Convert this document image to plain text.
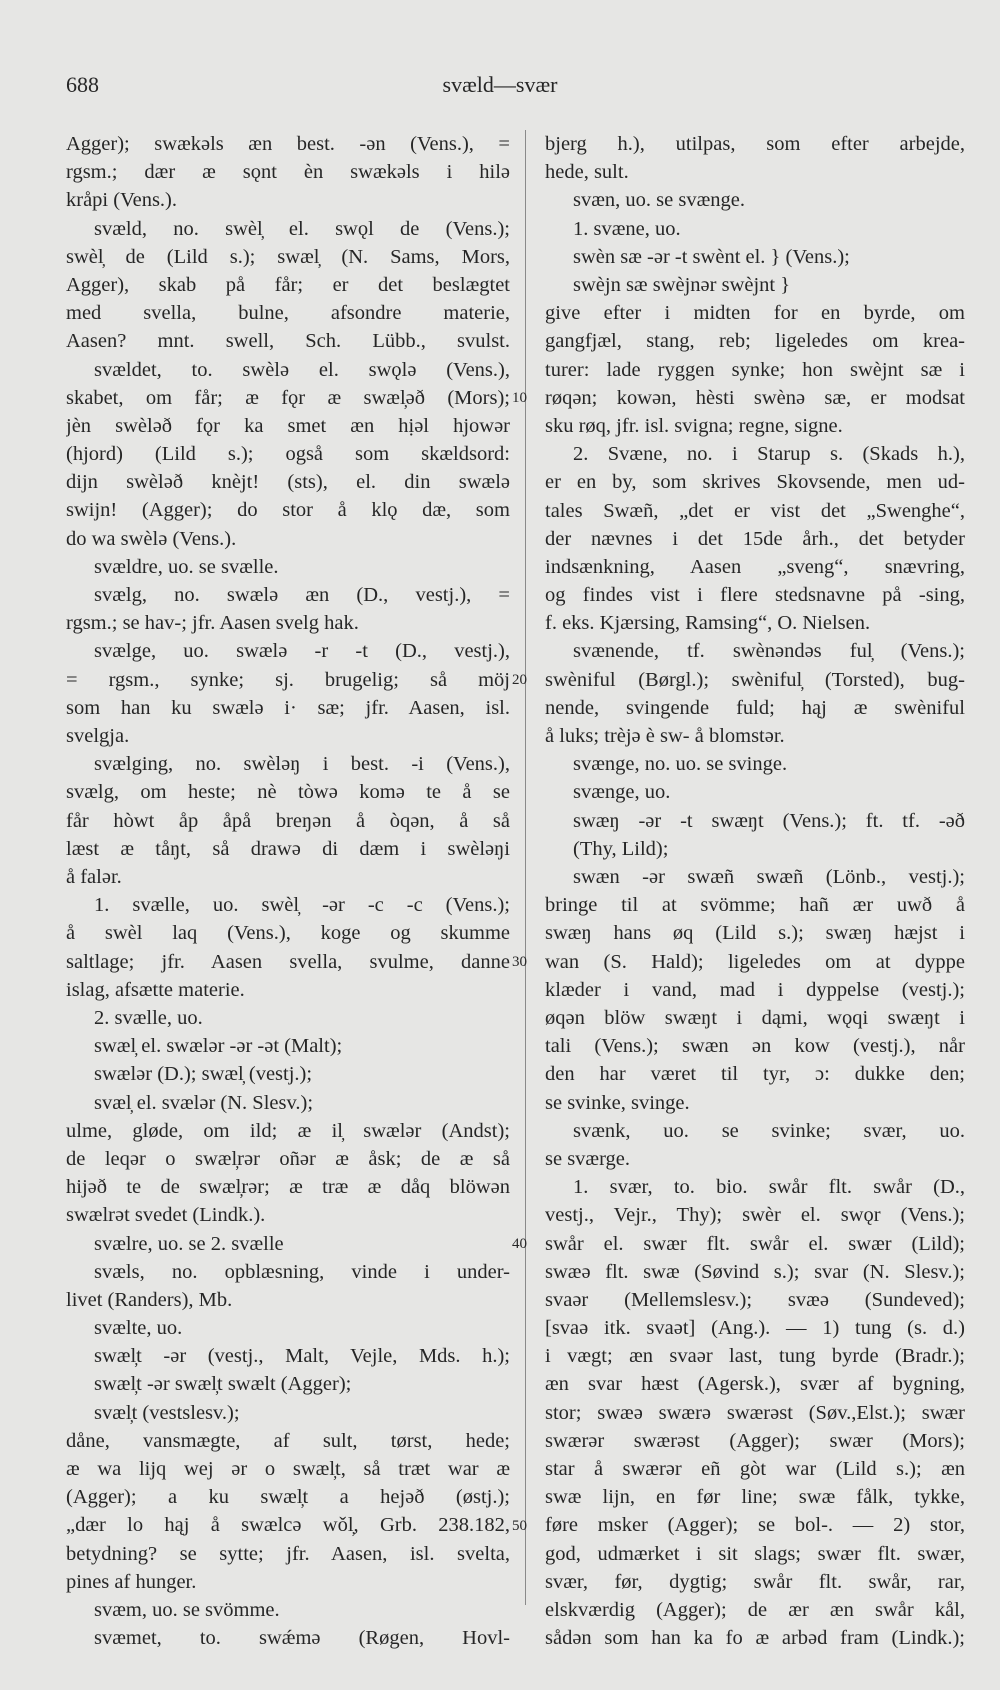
688	svæld—svær
Agger); swækəls æn best. -ən (Vens.), =
rgsm.; dær æ sǫnt èn swækəls i hilə
kråpi (Vens.).
svæld, no. swèl̦ el. swǫl de (Vens.);
swèl̦ de (Lild s.); swæl̦ (N. Sams, Mors,
Agger), skab på får; er det beslægtet
med svella, bulne, afsondre materie,
Aasen? mnt. swell, Sch. Lübb., svulst.
svældet, to. swèlə el. swǫlə (Vens.),
skabet, om får; æ fǫr æ swæl̦əð (Mors);
jèn swèləð fǫr ka smet æn hịəl hjowər
(hjord) (Lild s.); også som skældsord:
dijn swèləð knèjt! (sts), el. din swælə
swijn! (Agger); do stor å klǫ dæ, som
do wa swèlə (Vens.).
svældre, uo. se svælle.
svælg, no. swælə æn (D., vestj.), =
rgsm.; se hav-; jfr. Aasen svelg hak.
svælge, uo. swælə -r -t (D., vestj.),
= rgsm., synke; sj. brugelig; så möj
som han ku swælə i· sæ; jfr. Aasen, isl.
svelgja.
svælging, no. swèləŋ i best. -i (Vens.),
svælg, om heste; nè tòwə komə te å se
får hòwt åp åpå breŋən å òqən, å så
læst æ tåŋt, så drawə di dæm i swèləŋi
å falər.
1. svælle, uo. swèl̦ -ər -c -c (Vens.);
å swèl laq (Vens.), koge og skumme
saltlage; jfr. Aasen svella, svulme, danne
islag, afsætte materie.
2. svælle, uo.
swæl̦ el. swælər -ər -ət (Malt);
swælər (D.); swæl̦ (vestj.);
svæl̦ el. svælər (N. Slesv.);
ulme, gløde, om ild; æ il̦ swælər (Andst);
de leqər o swæl̦rər oñər æ åsk; de æ så
hijəð te de swæl̦rər; æ træ æ dåq blöwən
swælrət svedet (Lindk.).
svælre, uo. se 2. svælle
svæls, no. opblæsning, vinde i under-
livet (Randers), Mb.
svælte, uo.
swæl̦t -ər (vestj., Malt, Vejle, Mds. h.);
swæl̦t -ər swæl̦t swælt (Agger);
svæl̦t (vestslesv.);
dåne, vansmægte, af sult, tørst, hede;
æ wa lijq wej ər o swæl̦t, så træt war æ
(Agger); a ku swæl̦t a hejəð (østj.);
„dær lo hąj å swælcə wǒl̦, Grb. 238.182,
betydning? se sytte; jfr. Aasen, isl. svelta,
pines af hunger.
svæm, uo. se svömme.
svæmet, to. swǽmə (Røgen, Hovl-
bjerg h.), utilpas, som efter arbejde,
hede, sult.
svæn, uo. se svænge.
1. svæne, uo.
swèn sæ -ər -t swènt el. } (Vens.);
swèjn sæ swèjnər swèjnt }
give efter i midten for en byrde, om
gangfjæl, stang, reb; ligeledes om krea-
turer: lade ryggen synke; hon swèjnt sæ i
røqən; kowən, hèsti swènə sæ, er modsat
sku røq, jfr. isl. svigna; regne, signe.
2. Svæne, no. i Starup s. (Skads h.),
er en by, som skrives Skovsende, men ud-
tales Swæñ, „det er vist det „Swenghe“,
der nævnes i det 15de årh., det betyder
indsænkning, Aasen „sveng“, snævring,
og findes vist i flere stedsnavne på -sing,
f. eks. Kjærsing, Ramsing“, O. Nielsen.
svænende, tf. swènəndəs ful̦ (Vens.);
swèniful (Børgl.); swèniful̦ (Torsted), bug-
nende, svingende fuld; hąj æ swèniful
å luks; trèjə è sw- å blomstər.
svænge, no. uo. se svinge.
svænge, uo.
swæŋ -ər -t swæŋt (Vens.); ft. tf. -əð
(Thy, Lild);
swæn -ər swæñ swæñ (Lönb., vestj.);
bringe til at svömme; hañ ær uwð å
swæŋ hans øq (Lild s.); swæŋ hæjst i
wan (S. Hald); ligeledes om at dyppe
klæder i vand, mad i dyppelse (vestj.);
øqən blöw swæŋt i dąmi, wǫqi swæŋt i
tali (Vens.); swæn ən kow (vestj.), når
den har været til tyr, ɔ: dukke den;
se svinke, svinge.
svænk, uo. se svinke; svær, uo.
se sværge.
1. svær, to. bio. swår flt. swår (D.,
vestj., Vejr., Thy); swèr el. swǫr (Vens.);
swår el. swær flt. swår el. swær (Lild);
swæə flt. swæ (Søvind s.); svar (N. Slesv.);
svaər (Mellemslesv.); svæə (Sundeved);
[svaə itk. svaət] (Ang.). — 1) tung (s. d.)
i vægt; æn svaər last, tung byrde (Bradr.);
æn svar hæst (Agersk.), svær af bygning,
stor; swæə swærə swærəst (Søv.,Elst.); swær
swærər swærəst (Agger); swær (Mors);
star å swærər eñ gòt war (Lild s.); æn
swæ lijn, en før line; swæ fålk, tykke,
føre msker (Agger); se bol-. — 2) stor,
god, udmærket i sit slags; swær flt. swær,
svær, før, dygtig; swår flt. swår, rar,
elskværdig (Agger); de ær æn swår kål,
sådən som han ka fo æ arbəd fram (Lindk.);
10
20
30
40
50
